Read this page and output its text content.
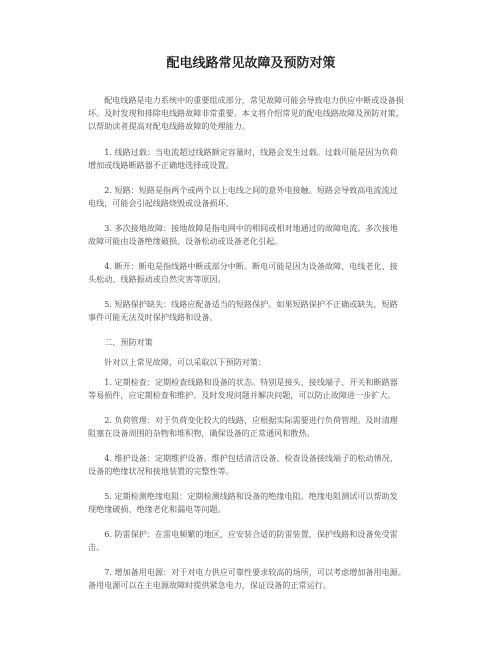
配电线路常见故障及预防对策
　　配电线路是电力系统中的重要组成部分，常见故障可能会导致电力供应中断或设备损
坏。及时发现和排除电线路故障非常重要。本文将介绍常见的配电线路故障及预防对策，
以帮助读者提高对配电线路故障的处理能力。
　　1. 线路过载：当电流超过线路额定容量时，线路会发生过载。过载可能是因为负荷
增加或线路断路器不正确地选择或设置。
　　2. 短路：短路是指两个或两个以上电线之间的意外电接触。短路会导致高电流流过
电线，可能会引起线路烧毁或设备损坏。
　　3. 多次接地故障：接地故障是指电网中的相间或相对地通过的故障电流。多次接地
故障可能由设备绝缘破损、设备松动或设备老化引起。
　　4. 断开：断电是指线路中断或部分中断。断电可能是因为设备故障、电线老化、接
头松动、线路振动或自然灾害等原因。
　　5. 短路保护缺失：线路应配备适当的短路保护。如果短路保护不正确或缺失，短路
事件可能无法及时保护线路和设备。
　　二、预防对策
　　针对以上常见故障，可以采取以下预防对策：
　　1. 定期检查：定期检查线路和设备的状态。特别是接头、接线端子、开关和断路器
等易损件，应定期检查和维护。及时发现问题并解决问题，可以防止故障进一步扩大。
　　2. 负荷管理：对于负荷变化较大的线路，应根据实际需要进行负荷管理。及时清理
阻塞在设备周围的杂物和堆积物，确保设备的正常通风和散热。
　　4. 维护设备：定期维护设备。维护包括清洁设备、检查设备接线端子的松动情况、
设备的绝缘状况和接地装置的完整性等。
　　5. 定期检测绝缘电阻：定期检测线路和设备的绝缘电阻。绝缘电阻测试可以帮助发
现绝缘破损、绝缘老化和漏电等问题。
　　6. 防雷保护：在雷电频繁的地区，应安装合适的防雷装置，保护线路和设备免受雷
击。
　　7. 增加备用电源：对于对电力供应可靠性要求较高的场所，可以考虑增加备用电源。
备用电源可以在主电源故障时提供紧急电力，保证设备的正常运行。
